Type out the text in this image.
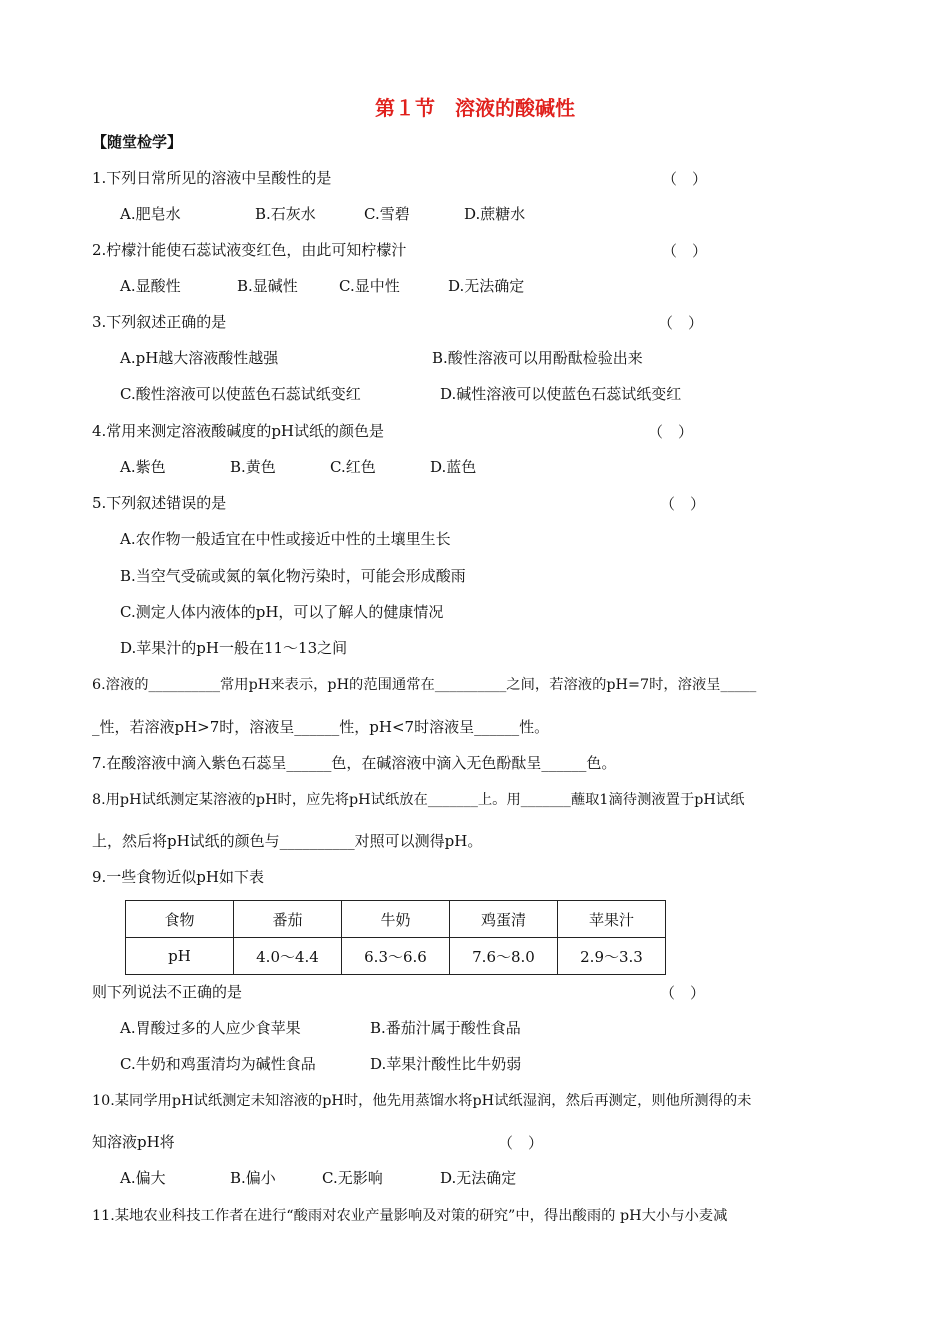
第１节　溶液的酸碱性
【随堂检学】
1.下列日常所见的溶液中呈酸性的是	（　）
A.肥皂水	B.石灰水	C.雪碧	D.蔗糖水
2.柠檬汁能使石蕊试液变红色，由此可知柠檬汁	（　）
A.显酸性	B.显碱性	C.显中性	D.无法确定
3.下列叙述正确的是	（　）
A.pH越大溶液酸性越强	B.酸性溶液可以用酚酞检验出来
C.酸性溶液可以使蓝色石蕊试纸变红	D.碱性溶液可以使蓝色石蕊试纸变红
4.常用来测定溶液酸碱度的pH试纸的颜色是	（　）
A.紫色	B.黄色	C.红色	D.蓝色
5.下列叙述错误的是	（　）
A.农作物一般适宜在中性或接近中性的土壤里生长
B.当空气受硫或氮的氧化物污染时，可能会形成酸雨
C.测定人体内液体的pH，可以了解人的健康情况
D.苹果汁的pH一般在11～13之间
6.溶液的__________常用pH来表示，pH的范围通常在__________之间，若溶液的pH=7时，溶液呈_____
_性，若溶液pH>7时，溶液呈______性，pH<7时溶液呈______性。
7.在酸溶液中滴入紫色石蕊呈______色，在碱溶液中滴入无色酚酞呈______色。
8.用pH试纸测定某溶液的pH时，应先将pH试纸放在_______上。用_______蘸取1滴待测液置于pH试纸
上，然后将pH试纸的颜色与__________对照可以测得pH。
9.一些食物近似pH如下表
食物	番茄	牛奶	鸡蛋清	苹果汁
pH	4.0～4.4	6.3～6.6	7.6～8.0	2.9～3.3
则下列说法不正确的是	（　）
A.胃酸过多的人应少食苹果	B.番茄汁属于酸性食品
C.牛奶和鸡蛋清均为碱性食品	D.苹果汁酸性比牛奶弱
10.某同学用pH试纸测定未知溶液的pH时，他先用蒸馏水将pH试纸湿润，然后再测定，则他所测得的未
知溶液pH将	（　）
A.偏大	B.偏小	C.无影响	D.无法确定
11.某地农业科技工作者在进行“酸雨对农业产量影响及对策的研究”中，得出酸雨的 pH大小与小麦减
